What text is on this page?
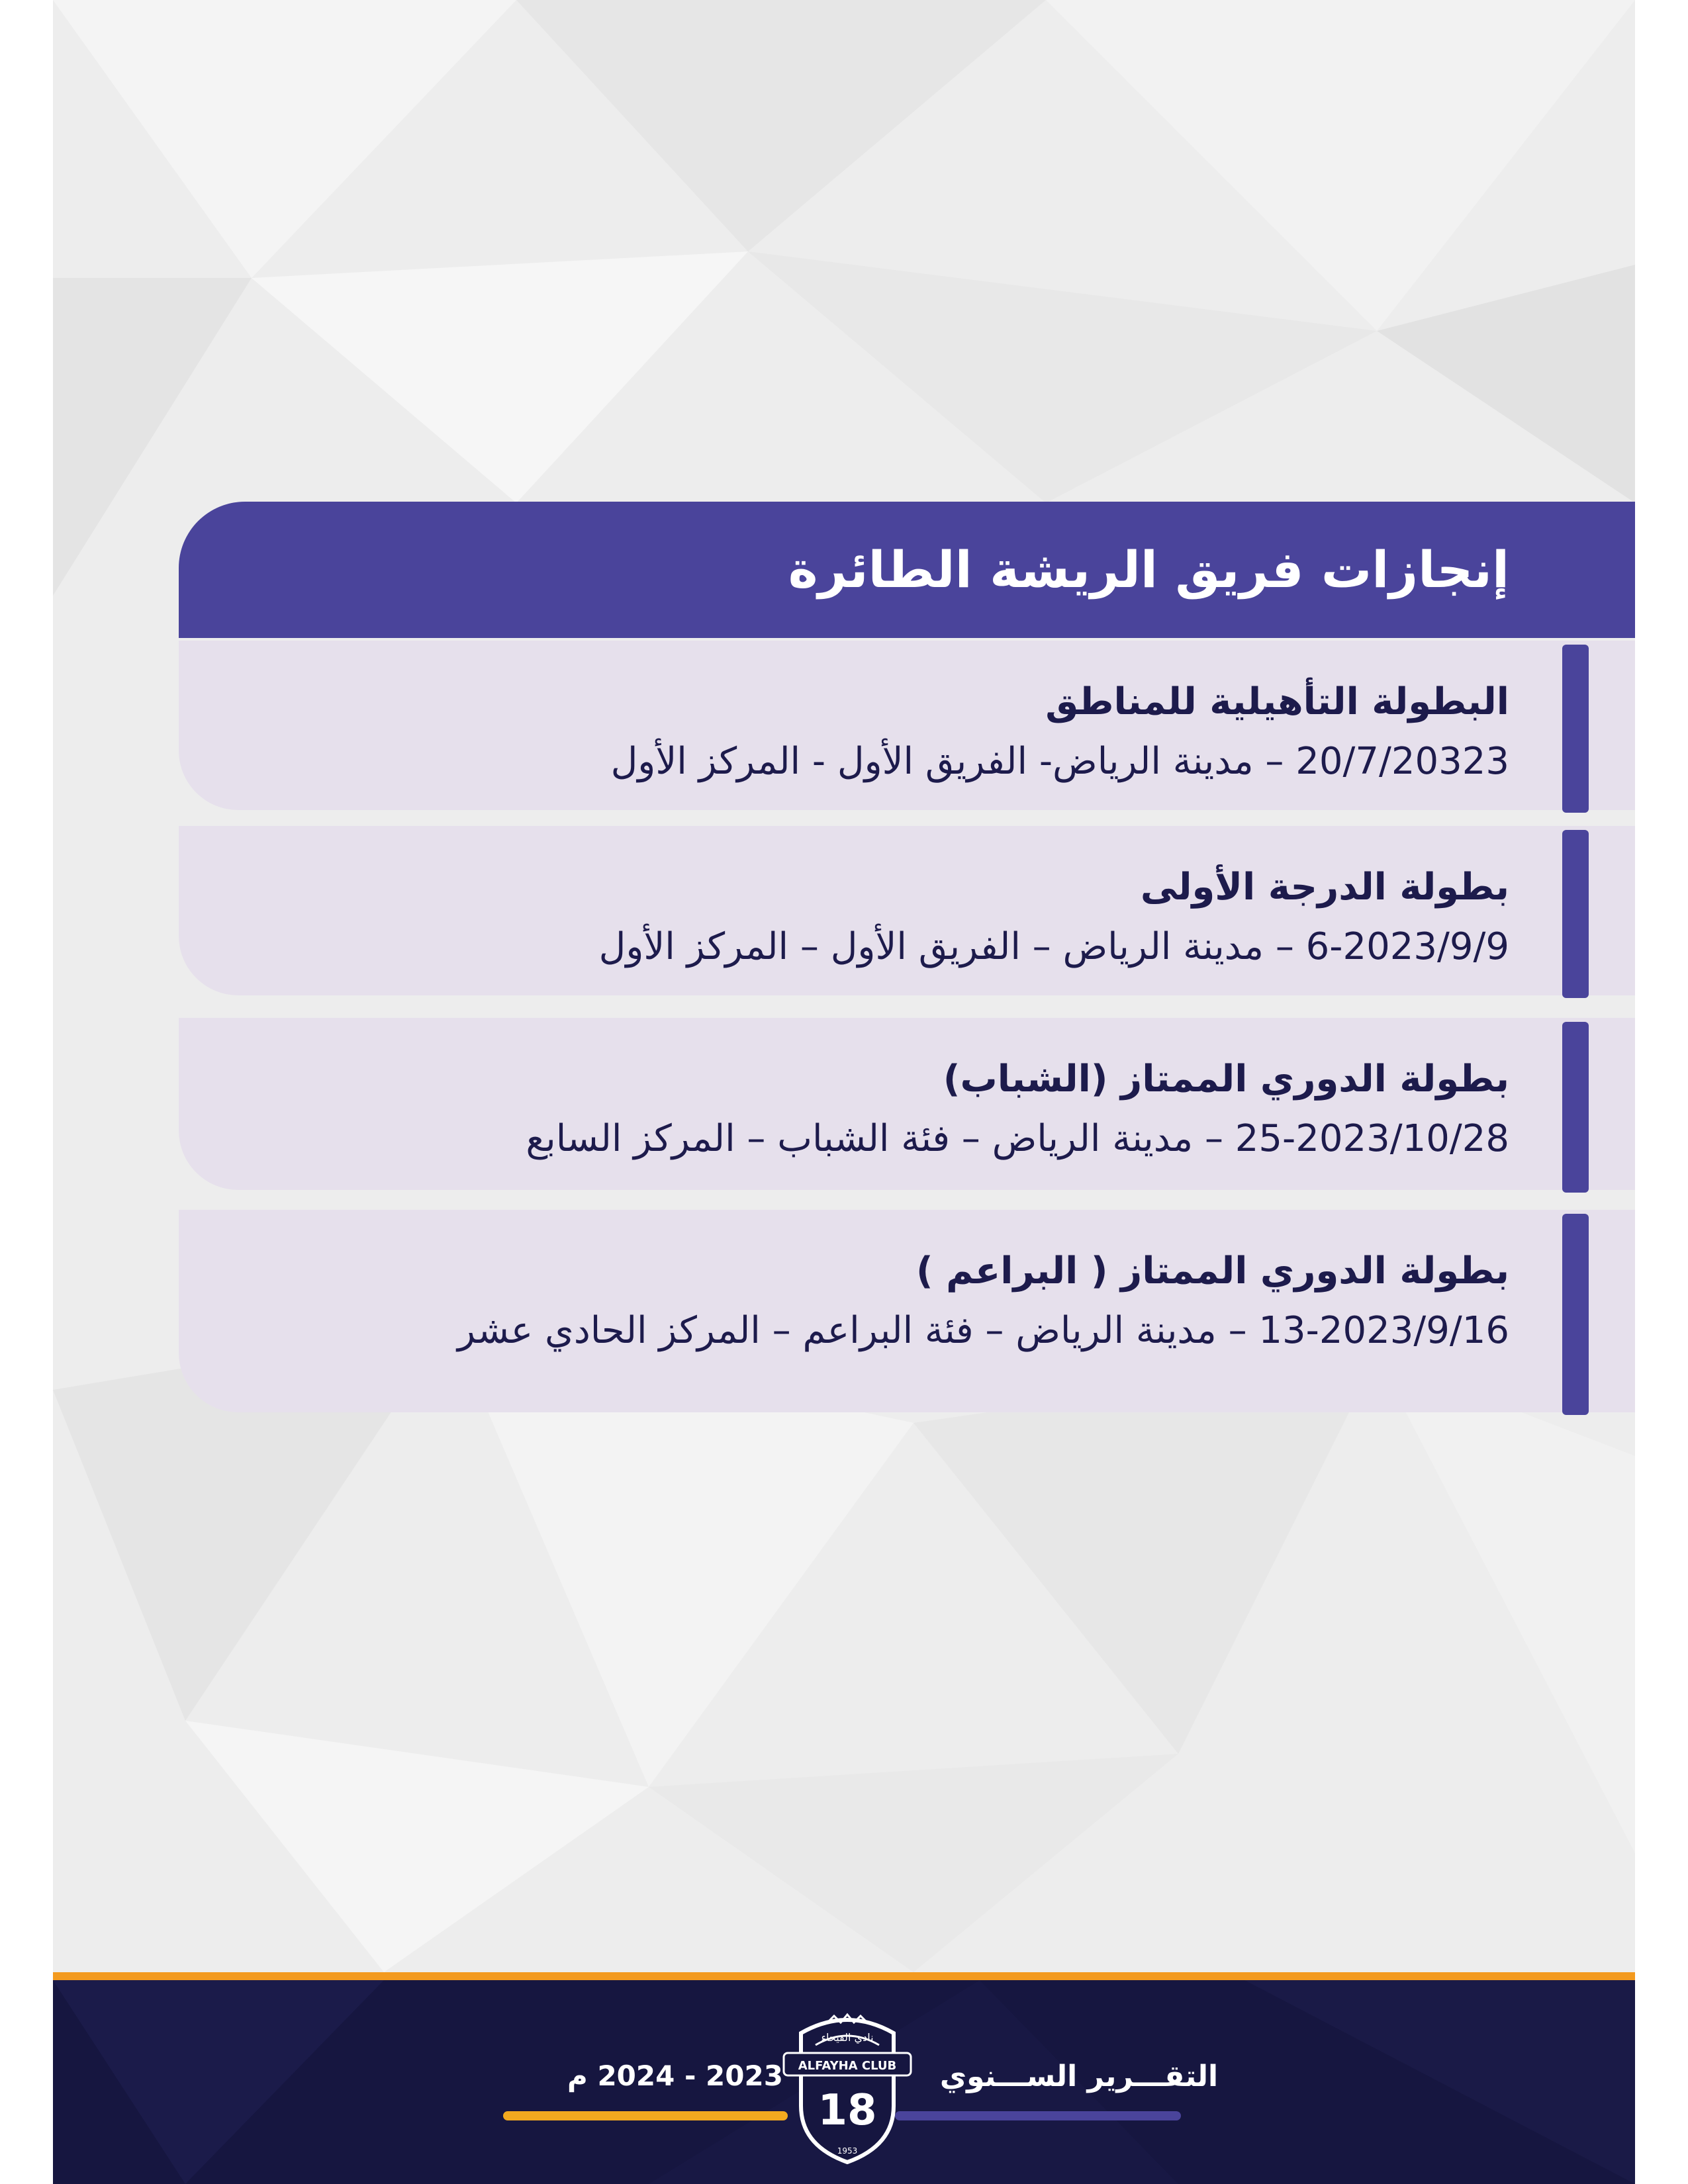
إنجازات فريق الريشة الطائرة
البطولة التأهيلية للمناطق
20/7/20323 – مدينة الرياض- الفريق الأول - المركز الأول
بطولة الدرجة الأولى
6-2023/9/9 – مدينة الرياض – الفريق الأول – المركز الأول
بطولة الدوري الممتاز (الشباب)
25-2023/10/28 – مدينة الرياض – فئة الشباب – المركز السابع
بطولة الدوري الممتاز ( البراعم )
13-2023/9/16 – مدينة الرياض – فئة البراعم – المركز الحادي عشر
التقـــرير الســـنوي
2023 - 2024 م
نادي الفيحاء
ALFAYHA CLUB
18
1953
